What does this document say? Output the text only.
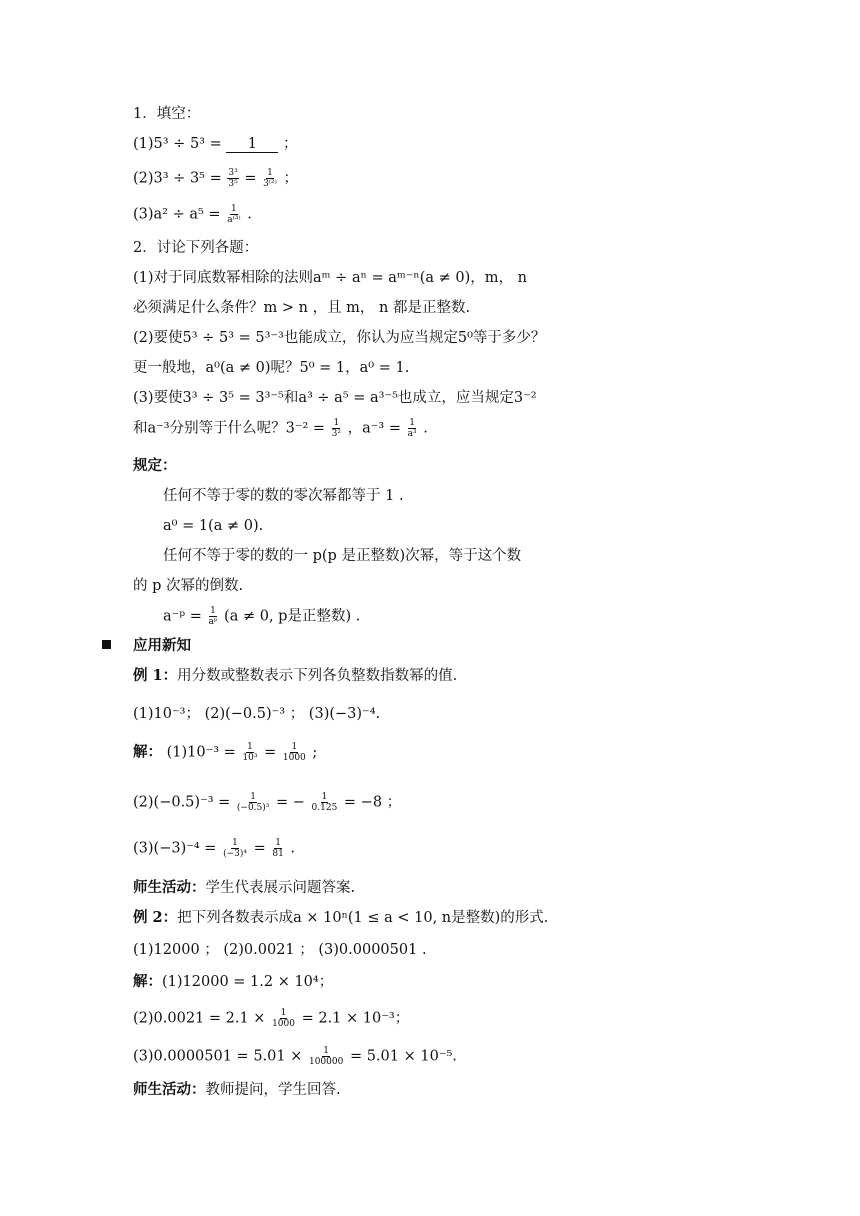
1．填空：
(1)5³ ÷ 5³ = 1 ；
$(2)3^3 \div 3^5 = \frac{\text{3³}}{\text{3⁵}} = \frac{1}{\text{3⁽²⁾}}$ ；
$(3)a^2 \div a^5 = \frac{1}{\text{a⁽³⁾}}$ .
2．讨论下列各题：
(1)对于同底数幂相除的法则aᵐ ÷ aⁿ = aᵐ⁻ⁿ(a ≠ 0)，m， n
必须满足什么条件？m > n ，且 m， n 都是正整数.
(2)要使5³ ÷ 5³ = 5³⁻³也能成立，你认为应当规定5⁰等于多少？
更一般地，a⁰(a ≠ 0)呢？5⁰ = 1，a⁰ = 1.
(3)要使3³ ÷ 3⁵ = 3³⁻⁵和a³ ÷ a⁵ = a³⁻⁵也成立，应当规定3⁻²
和a⁻³分别等于什么呢？$3^{-2} = \frac{1}{\text{3²}}$ ，$a^{-3} = \frac{1}{\text{a³}}$ .
规定：
任何不等于零的数的零次幂都等于 1 .
a⁰ = 1(a ≠ 0).
任何不等于零的数的一 p(p 是正整数)次幂，等于这个数
的 p 次幂的倒数.
a⁻ᵖ = $\frac{1}{\text{aᵖ}} (a \ne 0$, p是正整数) .
应用新知
例 1：用分数或整数表示下列各负整数指数幂的值.
(1)10⁻³； (2)(−0.5)⁻³ ； (3)(−3)⁻⁴.
解： $(1)10^{-3} = \frac{1}{\text{10³}} = \frac{1}{1000}$ ;
$(2)(-0.5)^{-3} = \frac{1}{\text{(−0.5)³}}$ = − $\frac{1}{0.125} = -8$ ；
$(3)(-3)^{-4} = \frac{1}{\text{(−3)⁴}} = \frac{1}{81}$ .
师生活动：学生代表展示问题答案.
例 2：把下列各数表示成a × 10ⁿ(1 ≤ a < 10, n是整数)的形式.
(1)12000 ； (2)0.0021 ； (3)0.0000501 .
解：(1)12000 = 1.2 × 10⁴；
$(2)0.0021 = 2.1 \times \frac{1}{1000} = 2.1 \times 10^{-3}$；
$(3)0.0000501 = 5.01 \times \frac{1}{100000} = 5.01 \times 10^{-5}$.
师生活动：教师提问，学生回答.
